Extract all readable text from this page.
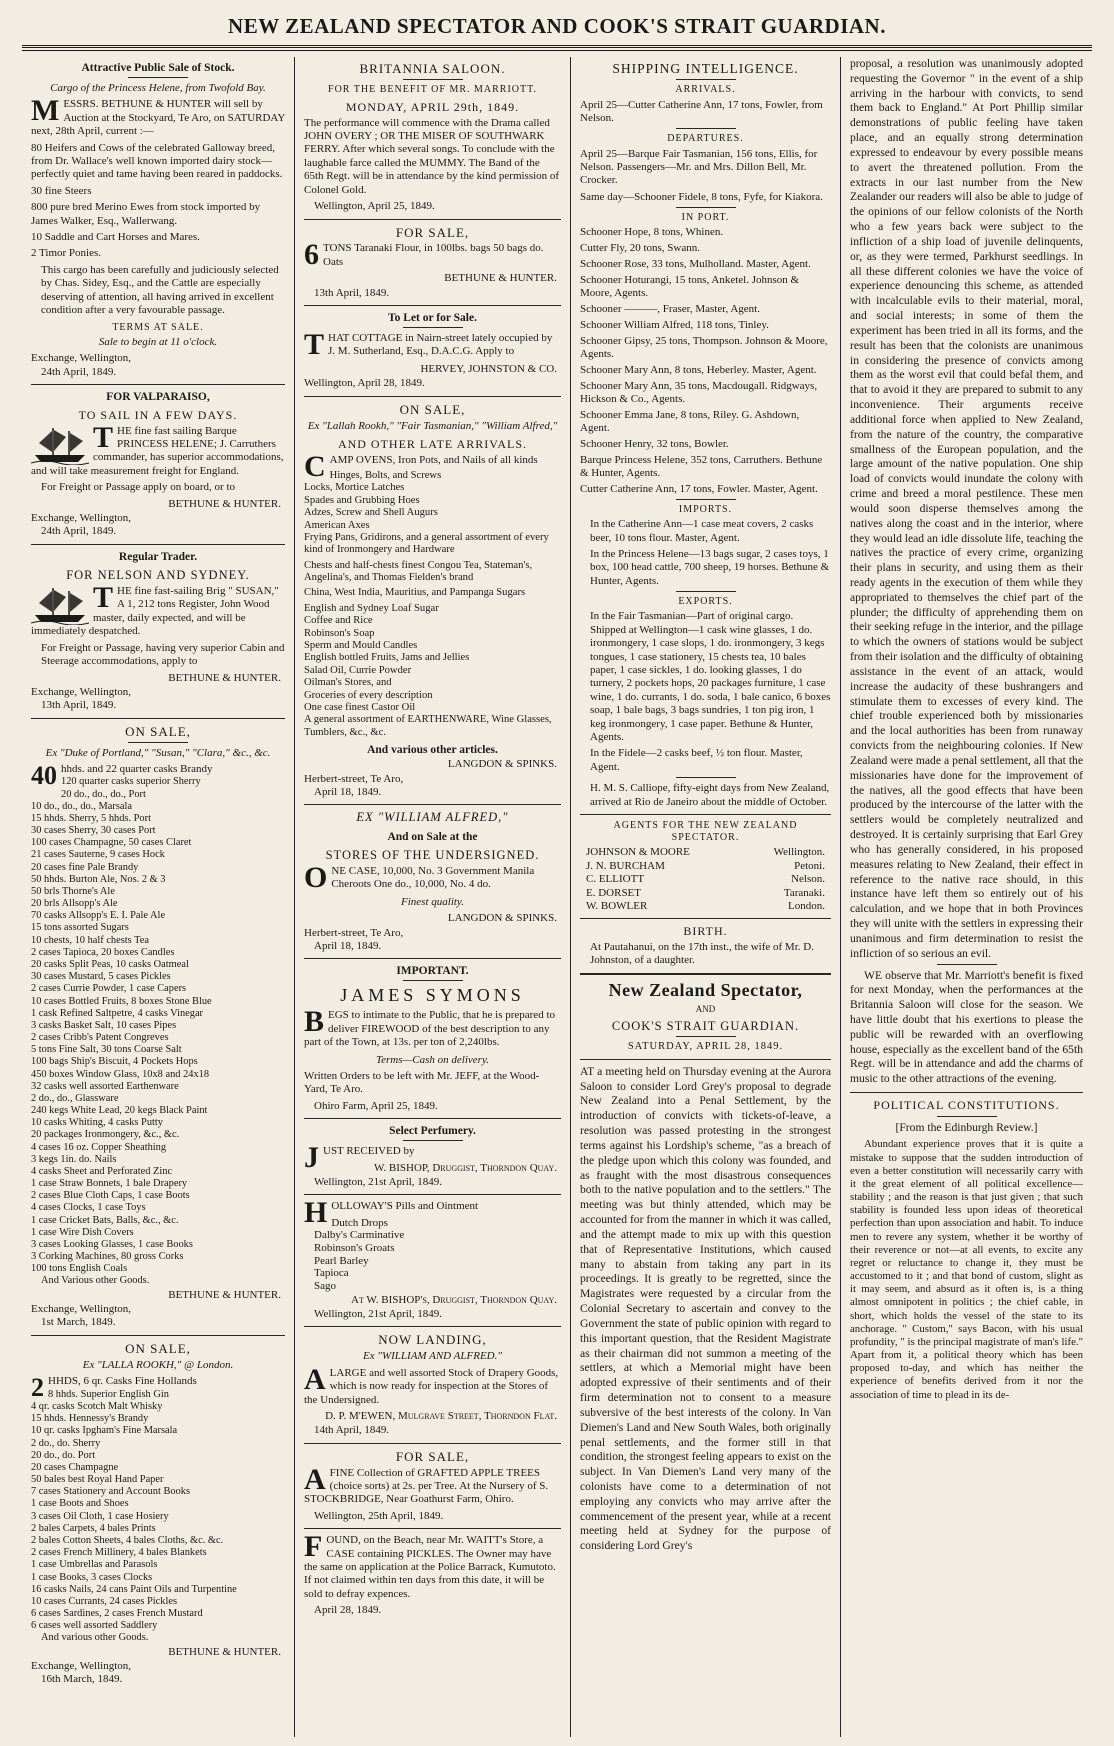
NEW ZEALAND SPECTATOR AND COOK'S STRAIT GUARDIAN.
Attractive Public Sale of Stock.
Cargo of the Princess Helene, from Twofold Bay.

MESSRS. BETHUNE & HUNTER will sell by Auction at the Stockyard, Te Aro, on SATURDAY next, 28th April, current :—

80 Heifers and Cows of the celebrated Galloway breed, from Dr. Wallace's well known imported dairy stock—perfectly quiet and tame having been reared in paddocks.

30 fine Steers

800 pure bred Merino Ewes from stock imported by James Walker, Esq., Wallerwang.

10 Saddle and Cart Horses and Mares.

2 Timor Ponies.

This cargo has been carefully and judiciously selected by Chas. Sidey, Esq., and the Cattle are especially deserving of attention, all having arrived in excellent condition after a very favourable passage.

TERMS AT SALE.
Sale to begin at 11 o'clock.
Exchange, Wellington,
24th April, 1849.
FOR VALPARAISO,
TO SAIL IN A FEW DAYS.

THE fine fast sailing Barque PRINCESS HELENE; J. Carruthers commander, has superior accommodations, and will take measurement freight for England.

For Freight or Passage apply on board, or to

BETHUNE & HUNTER.
Exchange, Wellington,
24th April, 1849.
Regular Trader.
FOR NELSON AND SYDNEY.

THE fine fast-sailing Brig " SUSAN," A 1, 212 tons Register, John Wood master, daily expected, and will be immediately despatched.

For Freight or Passage, having very superior Cabin and Steerage accommodations, apply to

BETHUNE & HUNTER.
Exchange, Wellington,
13th April, 1849.
ON SALE,
Ex "Duke of Portland," "Susan," "Clara," &c., &c.
40 hhds. and 22 quarter casks Brandy
120 quarter casks superior Sherry
20 do., do., do., Port
10 do., do., do., Marsala
15 hhds. Sherry, 5 hhds. Port
30 cases Sherry, 30 cases Port
100 cases Champagne, 50 cases Claret
21 cases Sauterne, 9 cases Hock
20 cases fine Pale Brandy
50 hhds. Burton Ale, Nos. 2 & 3
50 brls Thorne's Ale
20 brls Allsopp's Ale
70 casks Allsopp's E. I. Pale Ale
15 tons assorted Sugars
10 chests, 10 half chests Tea
2 cases Tapioca, 20 boxes Candles
20 casks Split Peas, 10 casks Oatmeal
30 cases Mustard, 5 cases Pickles
2 cases Currie Powder, 1 case Capers
10 cases Bottled Fruits, 8 boxes Stone Blue
1 cask Refined Saltpetre, 4 casks Vinegar
3 casks Basket Salt, 10 cases Pipes
2 cases Cribb's Patent Congreves
5 tons Fine Salt, 30 tons Coarse Salt
100 bags Ship's Biscuit, 4 Pockets Hops
450 boxes Window Glass, 10x8 and 24x18
32 casks well assorted Earthenware
2 do., do., Glassware
240 kegs White Lead, 20 kegs Black Paint
10 casks Whiting, 4 casks Putty
20 packages Ironmongery, &c., &c.
4 cases 16 oz. Copper Sheathing
3 kegs 1in. do. Nails
4 casks Sheet and Perforated Zinc
1 case Straw Bonnets, 1 bale Drapery
2 cases Blue Cloth Caps, 1 case Boots
4 cases Clocks, 1 case Toys
1 case Cricket Bats, Balls, &c., &c.
1 case Wire Dish Covers
3 cases Looking Glasses, 1 case Books
3 Corking Machines, 80 gross Corks
100 tons English Coals
And Various other Goods.
BETHUNE & HUNTER.
Exchange, Wellington,
1st March, 1849.
ON SALE,
Ex "LALLA ROOKH," @ London.
2 HHDS, 6 qr. Casks Fine Hollands
8 hhds. Superior English Gin
4 qr. casks Scotch Malt Whisky
15 hhds. Hennessy's Brandy
10 qr. casks Ipgham's Fine Marsala
2 do., do. Sherry
20 do., do. Port
20 cases Champagne
50 bales best Royal Hand Paper
7 cases Stationery and Account Books
1 case Boots and Shoes
3 cases Oil Cloth, 1 case Hosiery
2 bales Carpets, 4 bales Prints
2 bales Cotton Sheets, 4 bales Cloths, &c. &c.
2 cases French Millinery, 4 bales Blankets
1 case Umbrellas and Parasols
1 case Books, 3 cases Clocks
16 casks Nails, 24 cans Paint Oils and Turpentine
10 cases Currants, 24 cases Pickles
6 cases Sardines, 2 cases French Mustard
6 cases well assorted Saddlery
And various other Goods.
BETHUNE & HUNTER.
Exchange, Wellington,
16th March, 1849.
BRITANNIA SALOON.
FOR THE BENEFIT OF MR. MARRIOTT.
MONDAY, APRIL 29th, 1849.

The performance will commence with the Drama called JOHN OVERY ; OR THE MISER OF SOUTHWARK FERRY. After which several songs. To conclude with the laughable farce called the MUMMY. The Band of the 65th Regt. will be in attendance by the kind permission of Colonel Gold.

Wellington, April 25, 1849.
FOR SALE,

6 TONS Taranaki Flour, in 100lbs. bags 50 bags do. Oats

BETHUNE & HUNTER.
13th April, 1849.
To Let or for Sale.

THAT COTTAGE in Nairn-street lately occupied by J. M. Sutherland, Esq., D.A.C.G. Apply to

HERVEY, JOHNSTON & CO.
Wellington, April 28, 1849.
ON SALE,
Ex "Lallah Rookh," "Fair Tasmanian," "William Alfred,"
AND OTHER LATE ARRIVALS.

CAMP OVENS, Iron Pots, and Nails of all kinds

Hinges, Bolts, and Screws
Locks, Mortice Latches
Spades and Grubbing Hoes
Adzes, Screw and Shell Augurs
American Axes

Frying Pans, Gridirons, and a general assortment of every kind of Ironmongery and Hardware

Chests and half-chests finest Congou Tea, Stateman's, Angelina's, and Thomas Fielden's brand

China, West India, Mauritius, and Pampanga Sugars

English and Sydney Loaf Sugar
Coffee and Rice
Robinson's Soap
Sperm and Mould Candles
English bottled Fruits, Jams and Jellies
Salad Oil, Currie Powder
Oilman's Stores, and
Groceries of every description
One case finest Castor Oil

A general assortment of EARTHENWARE, Wine Glasses, Tumblers, &c., &c.

And various other articles.
LANGDON & SPINKS.
Herbert-street, Te Aro,
April 18, 1849.
EX "WILLIAM ALFRED,"
And on Sale at the
STORES OF THE UNDERSIGNED.

ONE CASE, 10,000, No. 3 Government Manila Cheroots One do., 10,000, No. 4 do.

Finest quality.
LANGDON & SPINKS.
Herbert-street, Te Aro,
April 18, 1849.
IMPORTANT.
JAMES SYMONS

BEGS to intimate to the Public, that he is prepared to deliver FIREWOOD of the best description to any part of the Town, at 13s. per ton of 2,240lbs.

Terms—Cash on delivery.

Written Orders to be left with Mr. JEFF, at the Wood-Yard, Te Aro.

Ohiro Farm, April 25, 1849.
Select Perfumery.

JUST RECEIVED by

W. BISHOP, Druggist, Thorndon Quay.
Wellington, 21st April, 1849.

HOLLOWAY'S Pills and Ointment

Dutch Drops
Dalby's Carminative
Robinson's Groats
Pearl Barley
Tapioca
Sago
At W. BISHOP's, Druggist, Thorndon Quay.
Wellington, 21st April, 1849.
NOW LANDING,
Ex "WILLIAM AND ALFRED."

ALARGE and well assorted Stock of Drapery Goods, which is now ready for inspection at the Stores of the Undersigned.

D. P. M'EWEN, Mulgrave Street, Thorndon Flat.
14th April, 1849.
FOR SALE,

AFINE Collection of GRAFTED APPLE TREES (choice sorts) at 2s. per Tree. At the Nursery of S. STOCKBRIDGE, Near Goathurst Farm, Ohiro.

Wellington, 25th April, 1849.

FOUND, on the Beach, near Mr. WAITT's Store, a CASE containing PICKLES. The Owner may have the same on application at the Police Barrack, Kumutoto. If not claimed within ten days from this date, it will be sold to defray expences.

April 28, 1849.
SHIPPING INTELLIGENCE.
ARRIVALS.

April 25—Cutter Catherine Ann, 17 tons, Fowler, from Nelson.

DEPARTURES.

April 25—Barque Fair Tasmanian, 156 tons, Ellis, for Nelson. Passengers—Mr. and Mrs. Dillon Bell, Mr. Crocker.

Same day—Schooner Fidele, 8 tons, Fyfe, for Kiakora.

IN PORT.

Schooner Hope, 8 tons, Whinen.

Cutter Fly, 20 tons, Swann.

Schooner Rose, 33 tons, Mulholland. Master, Agent.

Schooner Hoturangi, 15 tons, Anketel. Johnson & Moore, Agents.

Schooner ———, Fraser, Master, Agent.

Schooner William Alfred, 118 tons, Tinley.

Schooner Gipsy, 25 tons, Thompson. Johnson & Moore, Agents.

Schooner Mary Ann, 8 tons, Heberley. Master, Agent.

Schooner Mary Ann, 35 tons, Macdougall. Ridgways, Hickson & Co., Agents.

Schooner Emma Jane, 8 tons, Riley. G. Ashdown, Agent.

Schooner Henry, 32 tons, Bowler.

Barque Princess Helene, 352 tons, Carruthers. Bethune & Hunter, Agents.

Cutter Catherine Ann, 17 tons, Fowler. Master, Agent.

IMPORTS.

In the Catherine Ann—1 case meat covers, 2 casks beer, 10 tons flour. Master, Agent.

In the Princess Helene—13 bags sugar, 2 cases toys, 1 box, 100 head cattle, 700 sheep, 19 horses. Bethune & Hunter, Agents.

EXPORTS.

In the Fair Tasmanian—Part of original cargo. Shipped at Wellington—1 cask wine glasses, 1 do. ironmongery, 1 case slops, 1 do. ironmongery, 3 kegs tongues, 1 case stationery, 15 chests tea, 10 bales paper, 1 case sickles, 1 do. looking glasses, 1 do turnery, 2 pockets hops, 20 packages furniture, 1 case wine, 1 do. currants, 1 do. soda, 1 bale canico, 6 boxes soap, 1 bale bags, 3 bags sundries, 1 ton pig iron, 1 keg ironmongery, 1 case paper. Bethune & Hunter, Agents.

In the Fidele—2 casks beef, ½ ton flour. Master, Agent.

H. M. S. Calliope, fifty-eight days from New Zealand, arrived at Rio de Janeiro about the middle of October.

AGENTS FOR THE NEW ZEALAND SPECTATOR.
JOHNSON & MOORE	Wellington.
J. N. BURCHAM	Petoni.
C. ELLIOTT	Nelson.
E. DORSET	Taranaki.
W. BOWLER	London.
BIRTH.

At Pautahanui, on the 17th inst., the wife of Mr. D. Johnston, of a daughter.

New Zealand Spectator,
AND
COOK'S STRAIT GUARDIAN.
SATURDAY, APRIL 28, 1849.

AT a meeting held on Thursday evening at the Aurora Saloon to consider Lord Grey's proposal to degrade New Zealand into a Penal Settlement, by the introduction of convicts with tickets-of-leave, a resolution was passed protesting in the strongest terms against his Lordship's scheme, "as a breach of the pledge upon which this colony was founded, and as fraught with the most disastrous consequences both to the native population and to the settlers." The meeting was but thinly attended, which may be accounted for from the manner in which it was called, and the attempt made to mix up with this question that of Representative Institutions, which caused many to abstain from taking any part in its proceedings. It is greatly to be regretted, since the Magistrates were requested by a circular from the Colonial Secretary to ascertain and convey to the Government the state of public opinion with regard to this important question, that the Resident Magistrate as their chairman did not summon a meeting of the settlers, at which a Memorial might have been adopted expressive of their sentiments and of their firm determination not to consent to a measure subversive of the best interests of the colony. In Van Diemen's Land and New South Wales, both originally penal settlements, and the former still in that condition, the strongest feeling appears to exist on the subject. In Van Diemen's Land very many of the colonists have come to a determination of not employing any convicts who may arrive after the commencement of the present year, while at a recent meeting held at Sydney for the purpose of considering Lord Grey's

proposal, a resolution was unanimously adopted requesting the Governor " in the event of a ship arriving in the harbour with convicts, to send them back to England." At Port Phillip similar demonstrations of public feeling have taken place, and an equally strong determination expressed to endeavour by every possible means to avert the threatened pollution. From the extracts in our last number from the New Zealander our readers will also be able to judge of the opinions of our fellow colonists of the North who a few years back were subject to the infliction of a ship load of juvenile delinquents, or, as they were termed, Parkhurst seedlings. In all these different colonies we have the voice of experience denouncing this scheme, as attended with incalculable evils to their material, moral, and social interests; in some of them the experiment has been tried in all its forms, and the result has been that the colonists are unanimous in considering the presence of convicts among them as the worst evil that could befal them, and that to avoid it they are prepared to submit to any inconvenience. Their arguments receive additional force when applied to New Zealand, from the nature of the country, the comparative smallness of the European population, and the large amount of the native population. One ship load of convicts would inundate the colony with crime and breed a moral pestilence. These men would soon disperse themselves among the natives along the coast and in the interior, where they would lead an idle dissolute life, teaching the natives the practice of every crime, organizing their plans in security, and using them as their ready agents in the execution of them while they appropriated to themselves the chief part of the plunder; the difficulty of apprehending them on their seeking refuge in the interior, and the pillage to which the owners of stations would be subject from their isolation and the difficulty of obtaining assistance in the event of an attack, would increase the audacity of these bushrangers and stimulate them to excesses of every kind. The chief trouble experienced both by missionaries and the local authorities has been from runaway convicts from the neighbouring colonies. If New Zealand were made a penal settlement, all that the missionaries have done for the improvement of the natives, all the good effects that have been produced by the intercourse of the latter with the settlers would be completely neutralized and destroyed. It is certainly surprising that Earl Grey who has generally considered, in his proposed measures relating to New Zealand, their effect in reference to the native race should, in this instance have left them so entirely out of his calculation, and we hope that in both Provinces they will unite with the settlers in expressing their unanimous and firm determination to resist the infliction of so serious an evil.

WE observe that Mr. Marriott's benefit is fixed for next Monday, when the performances at the Britannia Saloon will close for the season. We have little doubt that his exertions to please the public will be rewarded with an overflowing house, especially as the excellent band of the 65th Regt. will be in attendance and add the charms of music to the other attractions of the evening.

POLITICAL CONSTITUTIONS.
[From the Edinburgh Review.]

Abundant experience proves that it is quite a mistake to suppose that the sudden introduction of even a better constitution will necessarily carry with it the great element of all political excellence—stability ; and the reason is that just given ; that such stability is founded less upon ideas of theoretical perfection than upon association and habit. To induce men to revere any system, whether it be worthy of their reverence or not—at all events, to excite any regret or reluctance to change it, they must be accustomed to it ; and that bond of custom, slight as it may seem, and absurd as it often is, is a thing almost omnipotent in politics ; the chief cable, in short, which holds the vessel of the state to its anchorage. " Custom," says Bacon, with his usual profundity, " is the principal magistrate of man's life." Apart from it, a political theory which has been proposed to-day, and which has neither the experience of benefits derived from it nor the association of time to plead in its de-
